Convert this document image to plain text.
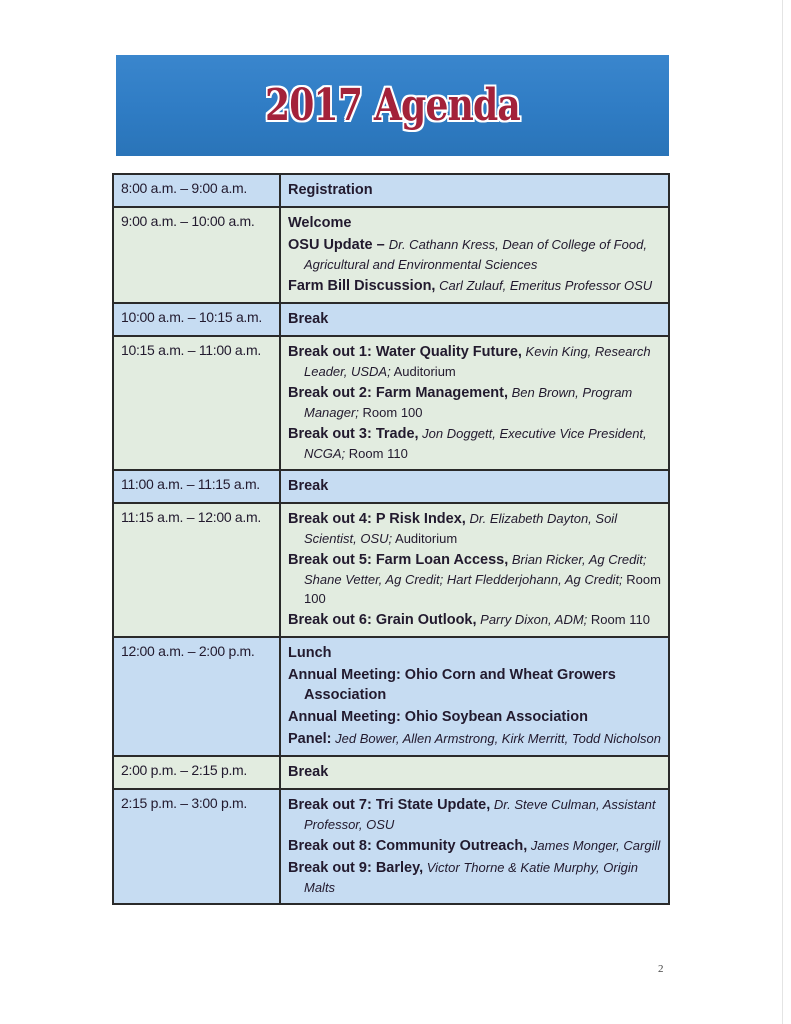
2017 Agenda
8:00 a.m. – 9:00 a.m.	Registration

9:00 a.m. – 10:00 a.m.	Welcome
OSU Update – Dr. Cathann Kress, Dean of College of Food, Agricultural and Environmental Sciences
Farm Bill Discussion, Carl Zulauf, Emeritus Professor OSU

10:00 a.m. – 10:15 a.m.	Break

10:15 a.m. – 11:00 a.m.	Break out 1: Water Quality Future, Kevin King, Research Leader, USDA; Auditorium
Break out 2: Farm Management, Ben Brown, Program Manager; Room 100
Break out 3: Trade, Jon Doggett, Executive Vice President, NCGA; Room 110

11:00 a.m. – 11:15 a.m.	Break

11:15 a.m. – 12:00 a.m.	Break out 4: P Risk Index, Dr. Elizabeth Dayton, Soil Scientist, OSU; Auditorium
Break out 5: Farm Loan Access, Brian Ricker, Ag Credit; Shane Vetter, Ag Credit; Hart Fledderjohann, Ag Credit; Room 100
Break out 6: Grain Outlook, Parry Dixon, ADM; Room 110

12:00 a.m. – 2:00 p.m.	Lunch
Annual Meeting: Ohio Corn and Wheat Growers Association
Annual Meeting: Ohio Soybean Association
Panel: Jed Bower, Allen Armstrong, Kirk Merritt, Todd Nicholson

2:00 p.m. – 2:15 p.m.	Break

2:15 p.m. – 3:00 p.m.	Break out 7: Tri State Update, Dr. Steve Culman, Assistant Professor, OSU
Break out 8: Community Outreach, James Monger, Cargill
Break out 9: Barley, Victor Thorne & Katie Murphy, Origin Malts
2
